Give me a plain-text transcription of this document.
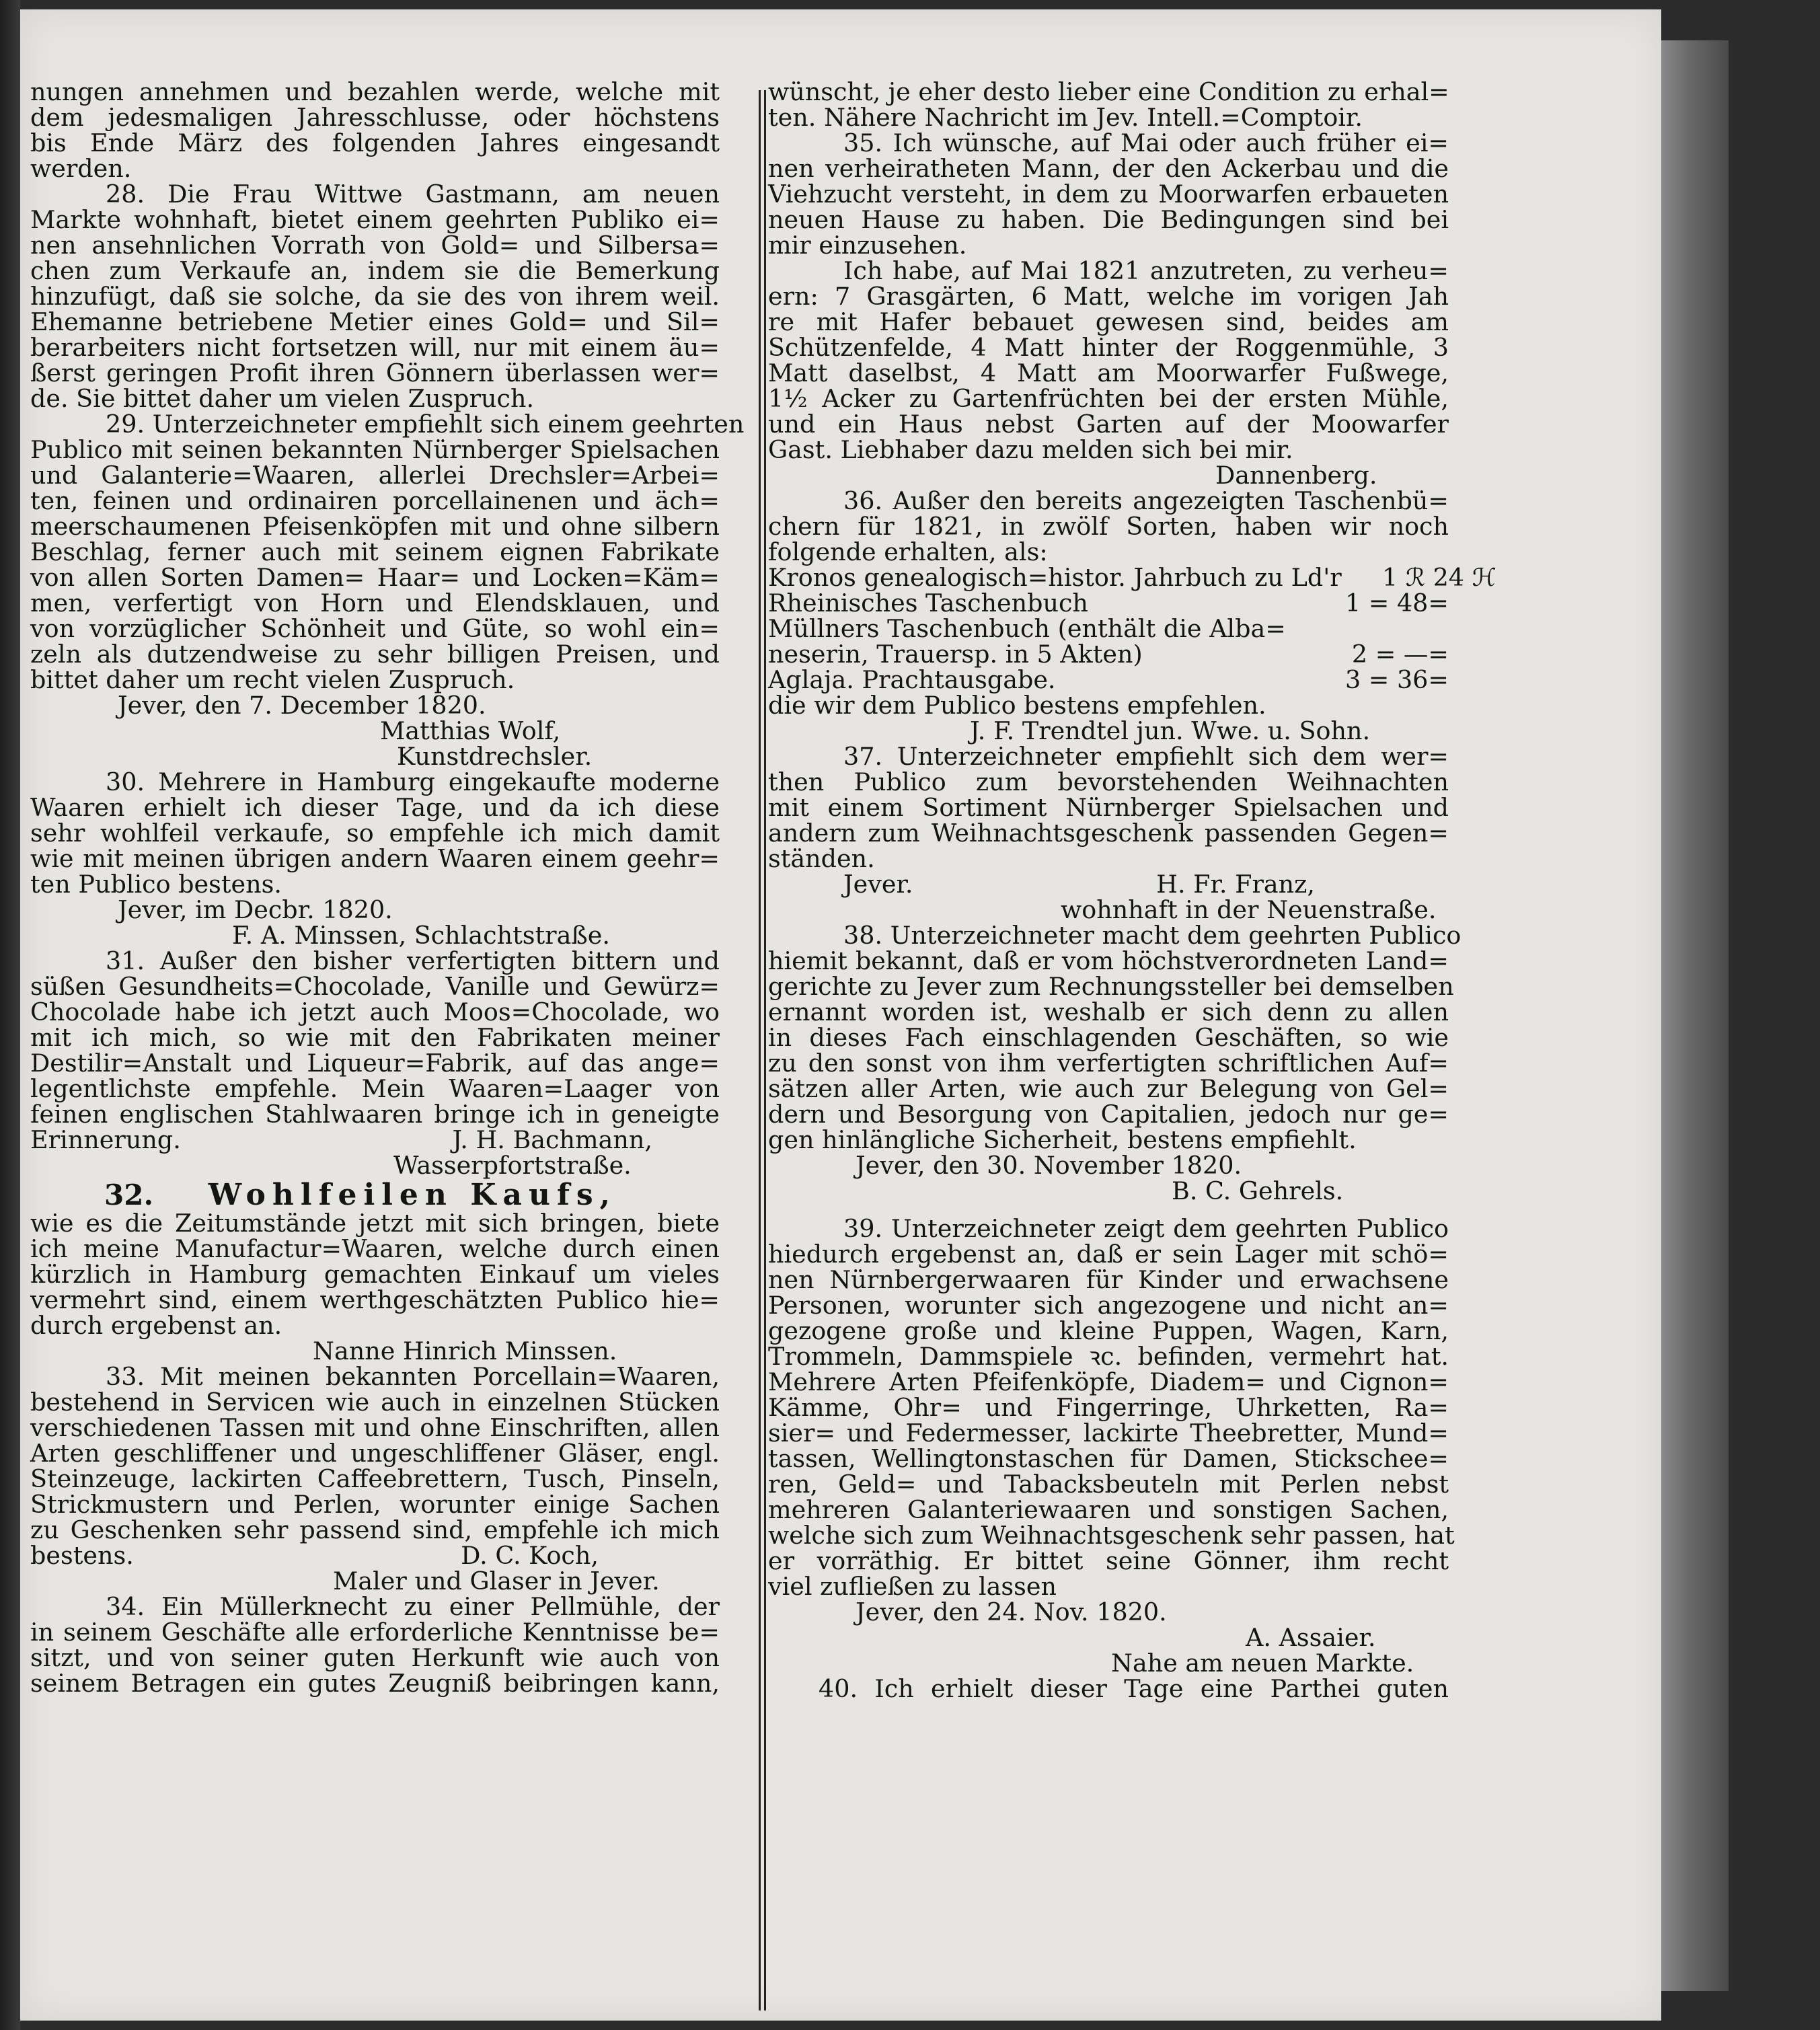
nungen annehmen und bezahlen werde, welche mit
dem jedesmaligen Jahresschlusse, oder höchstens
bis Ende März des folgenden Jahres eingesandt
werden.
28. Die Frau Wittwe Gastmann, am neuen
Markte wohnhaft, bietet einem geehrten Publiko ei=
nen ansehnlichen Vorrath von Gold= und Silbersa=
chen zum Verkaufe an, indem sie die Bemerkung
hinzufügt, daß sie solche, da sie des von ihrem weil.
Ehemanne betriebene Metier eines Gold= und Sil=
berarbeiters nicht fortsetzen will, nur mit einem äu=
ßerst geringen Profit ihren Gönnern überlassen wer=
de. Sie bittet daher um vielen Zuspruch.
29. Unterzeichneter empfiehlt sich einem geehrten
Publico mit seinen bekannten Nürnberger Spielsachen
und Galanterie=Waaren, allerlei Drechsler=Arbei=
ten, feinen und ordinairen porcellainenen und äch=
meerschaumenen Pfeisenköpfen mit und ohne silbern
Beschlag, ferner auch mit seinem eignen Fabrikate
von allen Sorten Damen= Haar= und Locken=Käm=
men, verfertigt von Horn und Elendsklauen, und
von vorzüglicher Schönheit und Güte, so wohl ein=
zeln als dutzendweise zu sehr billigen Preisen, und
bittet daher um recht vielen Zuspruch.
Jever, den 7. December 1820.
Matthias Wolf,
Kunstdrechsler.
30. Mehrere in Hamburg eingekaufte moderne
Waaren erhielt ich dieser Tage, und da ich diese
sehr wohlfeil verkaufe, so empfehle ich mich damit
wie mit meinen übrigen andern Waaren einem geehr=
ten Publico bestens.
Jever, im Decbr. 1820.
F. A. Minssen, Schlachtstraße.
31. Außer den bisher verfertigten bittern und
süßen Gesundheits=Chocolade, Vanille und Gewürz=
Chocolade habe ich jetzt auch Moos=Chocolade, wo
mit ich mich, so wie mit den Fabrikaten meiner
Destilir=Anstalt und Liqueur=Fabrik, auf das ange=
legentlichste empfehle. Mein Waaren=Laager von
feinen englischen Stahlwaaren bringe ich in geneigte
Erinnerung.	J. H. Bachmann,
Wasserpfortstraße.
32. Wohlfeilen Kaufs,
wie es die Zeitumstände jetzt mit sich bringen, biete
ich meine Manufactur=Waaren, welche durch einen
kürzlich in Hamburg gemachten Einkauf um vieles
vermehrt sind, einem werthgeschätzten Publico hie=
durch ergebenst an.
Nanne Hinrich Minssen.
33. Mit meinen bekannten Porcellain=Waaren,
bestehend in Servicen wie auch in einzelnen Stücken
verschiedenen Tassen mit und ohne Einschriften, allen
Arten geschliffener und ungeschliffener Gläser, engl.
Steinzeuge, lackirten Caffeebrettern, Tusch, Pinseln,
Strickmustern und Perlen, worunter einige Sachen
zu Geschenken sehr passend sind, empfehle ich mich
bestens.	D. C. Koch,
Maler und Glaser in Jever.
34. Ein Müllerknecht zu einer Pellmühle, der
in seinem Geschäfte alle erforderliche Kenntnisse be=
sitzt, und von seiner guten Herkunft wie auch von
seinem Betragen ein gutes Zeugniß beibringen kann,
wünscht, je eher desto lieber eine Condition zu erhal=
ten. Nähere Nachricht im Jev. Intell.=Comptoir.
35. Ich wünsche, auf Mai oder auch früher ei=
nen verheiratheten Mann, der den Ackerbau und die
Viehzucht versteht, in dem zu Moorwarfen erbaueten
neuen Hause zu haben. Die Bedingungen sind bei
mir einzusehen.
Ich habe, auf Mai 1821 anzutreten, zu verheu=
ern: 7 Grasgärten, 6 Matt, welche im vorigen Jah
re mit Hafer bebauet gewesen sind, beides am
Schützenfelde, 4 Matt hinter der Roggenmühle, 3
Matt daselbst, 4 Matt am Moorwarfer Fußwege,
1½ Acker zu Gartenfrüchten bei der ersten Mühle,
und ein Haus nebst Garten auf der Moowarfer
Gast. Liebhaber dazu melden sich bei mir.
Dannenberg.
36. Außer den bereits angezeigten Taschenbü=
chern für 1821, in zwölf Sorten, haben wir noch
folgende erhalten, als:
Kronos genealogisch=histor. Jahrbuch zu Ld'r	1 ℛ 24 ℋ
Rheinisches Taschenbuch	1 = 48=
Müllners Taschenbuch (enthält die Alba=
neserin, Trauersp. in 5 Akten)	2 = —=
Aglaja. Prachtausgabe.	3 = 36=
die wir dem Publico bestens empfehlen.
J. F. Trendtel jun. Wwe. u. Sohn.
37. Unterzeichneter empfiehlt sich dem wer=
then Publico zum bevorstehenden Weihnachten
mit einem Sortiment Nürnberger Spielsachen und
andern zum Weihnachtsgeschenk passenden Gegen=
ständen.
Jever.	H. Fr. Franz,
wohnhaft in der Neuenstraße.
38. Unterzeichneter macht dem geehrten Publico
hiemit bekannt, daß er vom höchstverordneten Land=
gerichte zu Jever zum Rechnungssteller bei demselben
ernannt worden ist, weshalb er sich denn zu allen
in dieses Fach einschlagenden Geschäften, so wie
zu den sonst von ihm verfertigten schriftlichen Auf=
sätzen aller Arten, wie auch zur Belegung von Gel=
dern und Besorgung von Capitalien, jedoch nur ge=
gen hinlängliche Sicherheit, bestens empfiehlt.
Jever, den 30. November 1820.
B. C. Gehrels.
39. Unterzeichneter zeigt dem geehrten Publico
hiedurch ergebenst an, daß er sein Lager mit schö=
nen Nürnbergerwaaren für Kinder und erwachsene
Personen, worunter sich angezogene und nicht an=
gezogene große und kleine Puppen, Wagen, Karn,
Trommeln, Dammspiele ꝛc. befinden, vermehrt hat.
Mehrere Arten Pfeifenköpfe, Diadem= und Cignon=
Kämme, Ohr= und Fingerringe, Uhrketten, Ra=
sier= und Federmesser, lackirte Theebretter, Mund=
tassen, Wellingtonstaschen für Damen, Stickschee=
ren, Geld= und Tabacksbeuteln mit Perlen nebst
mehreren Galanteriewaaren und sonstigen Sachen,
welche sich zum Weihnachtsgeschenk sehr passen, hat
er vorräthig. Er bittet seine Gönner, ihm recht
viel zufließen zu lassen
Jever, den 24. Nov. 1820.
A. Assaier.
Nahe am neuen Markte.
40. Ich erhielt dieser Tage eine Parthei guten
